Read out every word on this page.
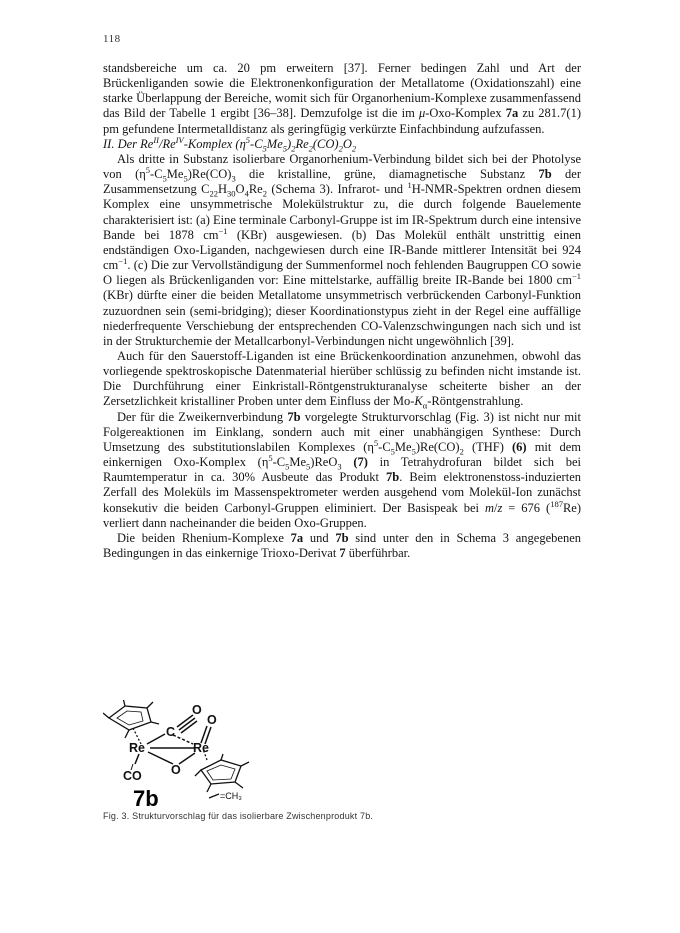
118

standsbereiche um ca. 20 pm erweitern [37]. Ferner bedingen Zahl und Art der Brückenliganden sowie die Elektronenkonfiguration der Metallatome (Oxidationszahl) eine starke Überlappung der Bereiche, womit sich für Organorhenium-Komplexe zusammenfassend das Bild der Tabelle 1 ergibt [36–38]. Demzufolge ist die im μ-Oxo-Komplex 7a zu 281.7(1) pm gefundene Intermetalldistanz als geringfügig verkürzte Einfachbindung aufzufassen.

II. Der $Re^{II}/Re^{IV}$-Komplex $(\eta^5-C_5Me_5)_2Re_2(CO)_2O_2$

Als dritte in Substanz isolierbare Organorhenium-Verbindung bildet sich bei der Photolyse von $(\eta^5-C_5Me_5)Re(CO)_3$ die kristalline, grüne, diamagnetische Substanz 7b der Zusammensetzung $C_{22}H_{30}O_4Re_2$ (Schema 3). Infrarot- und $^1$H-NMR-Spektren ordnen diesem Komplex eine unsymmetrische Molekülstruktur zu, die durch folgende Bauelemente charakterisiert ist: (a) Eine terminale Carbonyl-Gruppe ist im IR-Spektrum durch eine intensive Bande bei 1878 $cm^{-1}$ (KBr) ausgewiesen. (b) Das Molekül enthält unstrittig einen endständigen Oxo-Liganden, nachgewiesen durch eine IR-Bande mittlerer Intensität bei 924 $cm^{-1}$. (c) Die zur Vervollständigung der Summenformel noch fehlenden Baugruppen CO sowie O liegen als Brückenliganden vor: Eine mittelstarke, auffällig breite IR-Bande bei 1800 $cm^{-1}$ (KBr) dürfte einer die beiden Metallatome unsymmetrisch verbrückenden Carbonyl-Funktion zuzuordnen sein (semi-bridging); dieser Koordinationstypus zieht in der Regel eine auffällige niederfrequente Verschiebung der entsprechenden CO-Valenzschwingungen nach sich und ist in der Strukturchemie der Metallcarbonyl-Verbindungen nicht ungewöhnlich [39].

Auch für den Sauerstoff-Liganden ist eine Brückenkoordination anzunehmen, obwohl das vorliegende spektroskopische Datenmaterial hierüber schlüssig zu befinden nicht imstande ist. Die Durchführung einer Einkristall-Röntgenstrukturanalyse scheiterte bisher an der Zersetzlichkeit kristalliner Proben unter dem Einfluss der $Mo-K_\alpha$-Röntgenstrahlung.

Der für die Zweikernverbindung 7b vorgelegte Strukturvorschlag (Fig. 3) ist nicht nur mit Folgereaktionen im Einklang, sondern auch mit einer unabhängigen Synthese: Durch Umsetzung des substitutionslabilen Komplexes $(\eta^5-C_5Me_5)Re(CO)_2$ (THF) (6) mit dem einkernigen Oxo-Komplex $(\eta^5-C_5Me_5)ReO_3$ (7) in Tetrahydrofuran bildet sich bei Raumtemperatur in ca. 30% Ausbeute das Produkt 7b. Beim elektronenstoss-induzierten Zerfall des Moleküls im Massenspektrometer werden ausgehend vom Molekül-Ion zunächst konsekutiv die beiden Carbonyl-Gruppen eliminiert. Der Basispeak bei m/z = 676 ($^{187}$Re) verliert dann nacheinander die beiden Oxo-Gruppen.

Die beiden Rhenium-Komplexe 7a und 7b sind unter den in Schema 3 angegebenen Bedingungen in das einkernige Trioxo-Derivat 7 überführbar.

Re	Re
C
O
O
O
CO
7b	=CH₃
Fig. 3. Strukturvorschlag für das isolierbare Zwischenprodukt 7b.
